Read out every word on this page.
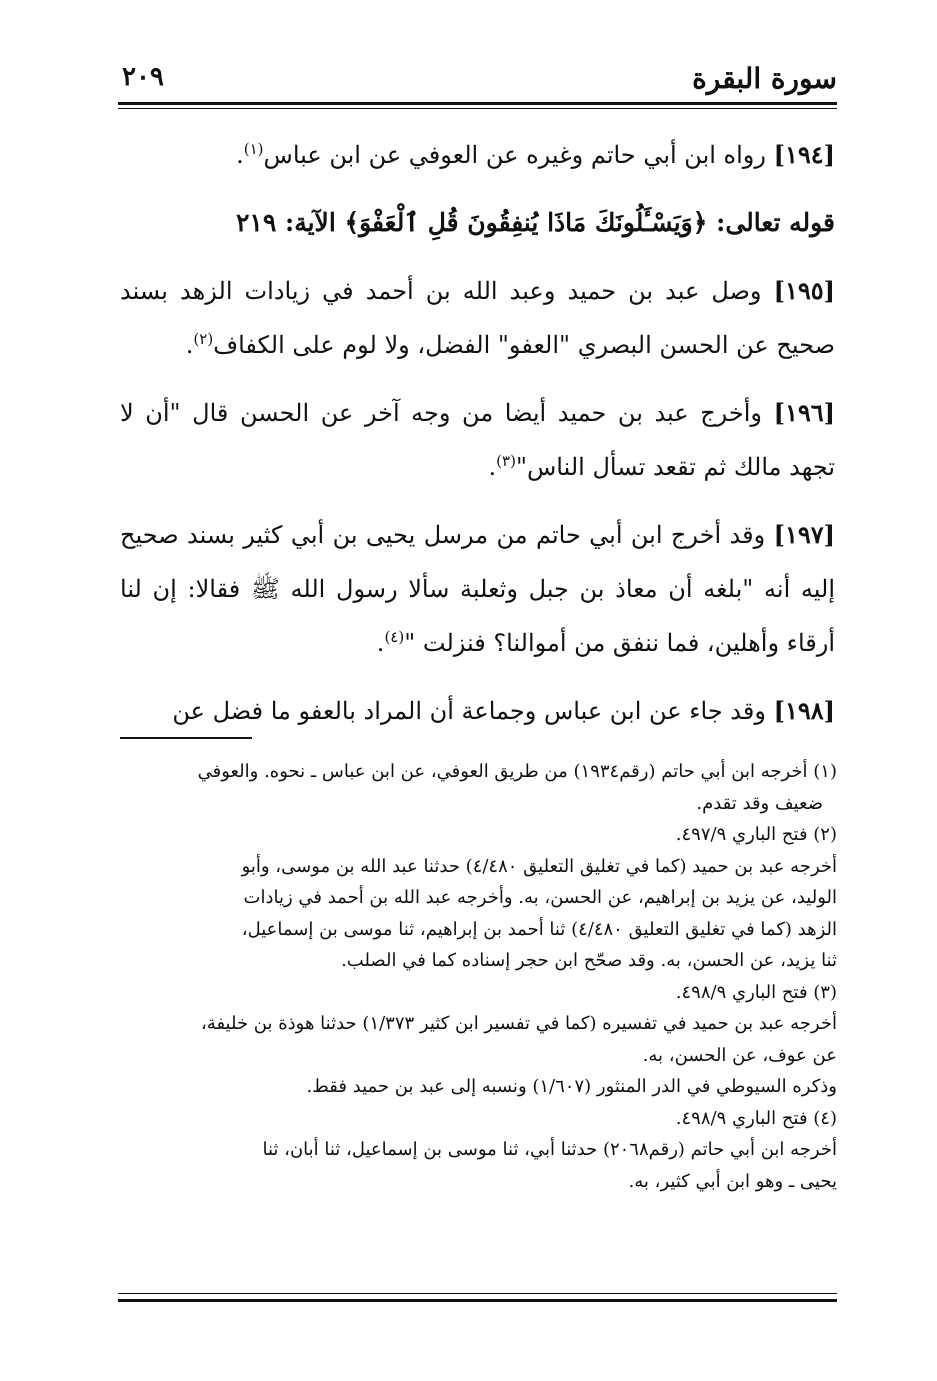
سورة البقرة
٢٠٩

[١٩٤] رواه ابن أبي حاتم وغيره عن العوفي عن ابن عباس$^{(١)}$.

قوله تعالى: ﴿وَيَسْـَٔلُونَكَ مَاذَا يُنفِقُونَ قُلِ ٱلْعَفْوَ﴾ الآية: ٢١٩

[١٩٥] وصل عبد بن حميد وعبد الله بن أحمد في زيادات الزهد بسند صحيح عن الحسن البصري "العفو" الفضل، ولا لوم على الكفاف$^{(٢)}$.

[١٩٦] وأخرج عبد بن حميد أيضا من وجه آخر عن الحسن قال "أن لا تجهد مالك ثم تقعد تسأل الناس"$^{(٣)}$.

[١٩٧] وقد أخرج ابن أبي حاتم من مرسل يحيى بن أبي كثير بسند صحيح إليه أنه "بلغه أن معاذ بن جبل وثعلبة سألا رسول الله ﷺ فقالا: إن لنا أرقاء وأهلين، فما ننفق من أموالنا؟ فنزلت "$^{(٤)}$.

[١٩٨] وقد جاء عن ابن عباس وجماعة أن المراد بالعفو ما فضل عن

(١) أخرجه ابن أبي حاتم (رقم١٩٣٤) من طريق العوفي، عن ابن عباس ـ نحوه. والعوفي

ضعيف وقد تقدم.

(٢) فتح الباري ٤٩٧/٩.

أخرجه عبد بن حميد (كما في تغليق التعليق ٤/٤٨٠) حدثنا عبد الله بن موسى، وأبو

الوليد، عن يزيد بن إبراهيم، عن الحسن، به. وأخرجه عبد الله بن أحمد في زيادات

الزهد (كما في تغليق التعليق ٤/٤٨٠) ثنا أحمد بن إبراهيم، ثنا موسى بن إسماعيل،

ثنا يزيد، عن الحسن، به. وقد صحّح ابن حجر إسناده كما في الصلب.

(٣) فتح الباري ٤٩٨/٩.

أخرجه عبد بن حميد في تفسيره (كما في تفسير ابن كثير ١/٣٧٣) حدثنا هوذة بن خليفة،

عن عوف، عن الحسن، به.

وذكره السيوطي في الدر المنثور (١/٦٠٧) ونسبه إلى عبد بن حميد فقط.

(٤) فتح الباري ٤٩٨/٩.

أخرجه ابن أبي حاتم (رقم٢٠٦٨) حدثنا أبي، ثنا موسى بن إسماعيل، ثنا أبان، ثنا

يحيى ـ وهو ابن أبي كثير، به.
